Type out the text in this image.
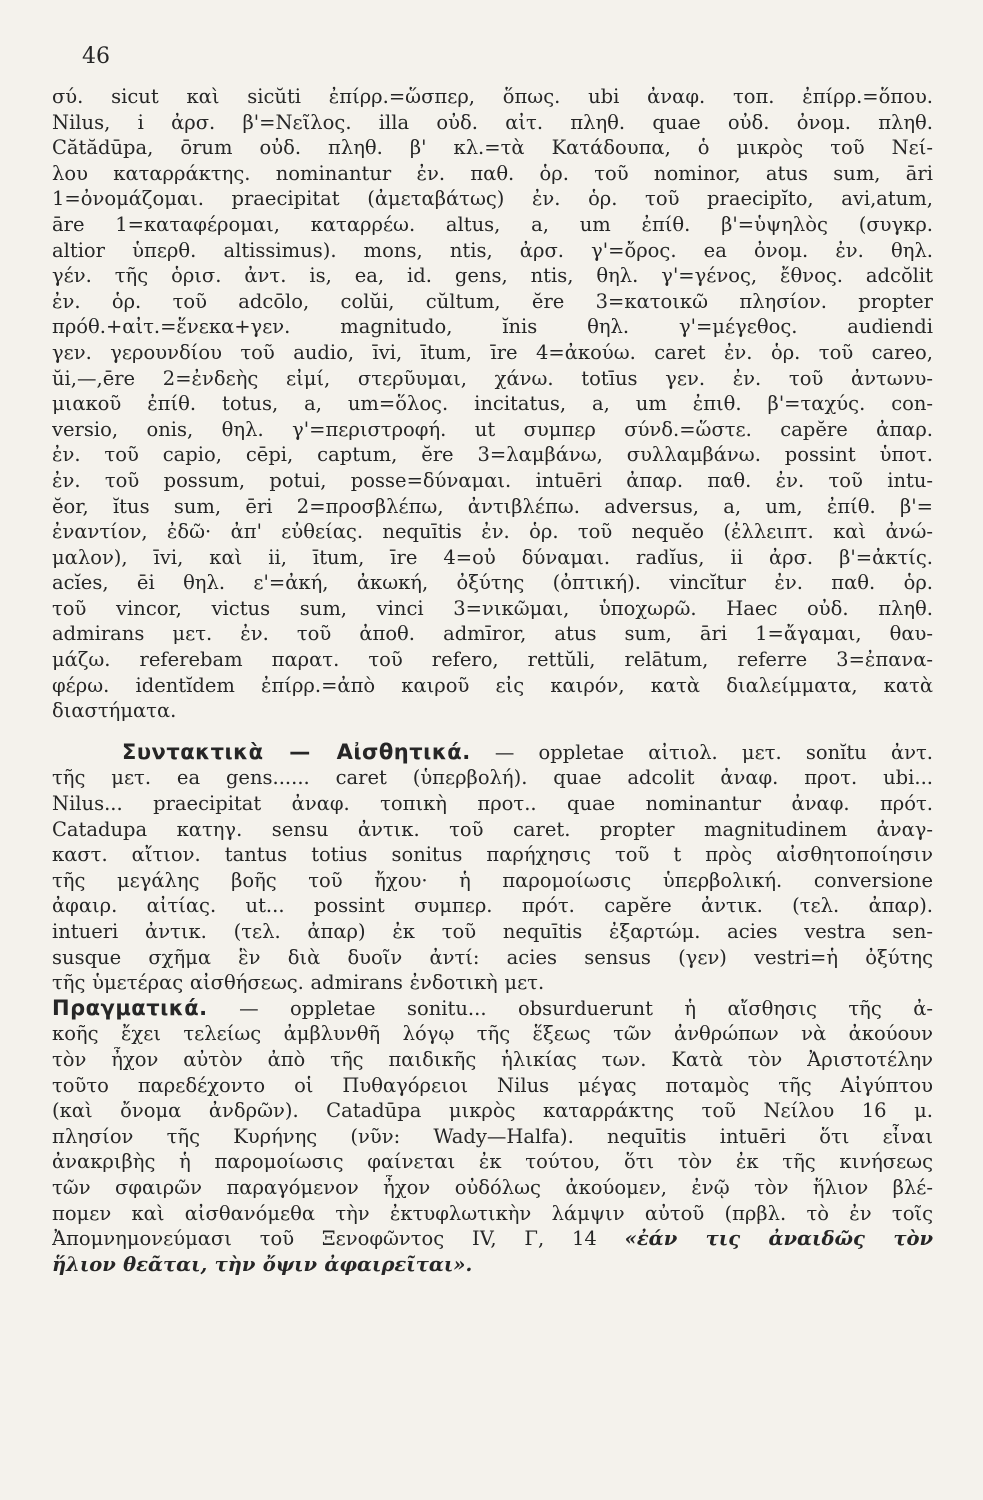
46
σύ. sicut καὶ sicŭti ἐπίρρ.=ὥσπερ, ὅπως. ubi ἀναφ. τοπ. ἐπίρρ.=ὅπου.
Nilus, i ἀρσ. β'=Νεῖλος. illa οὐδ. αἰτ. πληθ. quae οὐδ. ὀνομ. πληθ.
Cătădūpa, ōrum οὐδ. πληθ. β' κλ.=τὰ Κατάδουπα, ὁ μικρὸς τοῦ Νεί-
λου καταρράκτης. nominantur ἐν. παθ. ὁρ. τοῦ nominor, atus sum, āri
1=ὀνομάζομαι. praecipitat (ἀμεταβάτως) ἐν. ὁρ. τοῦ praecipĭto, avi,atum,
āre 1=καταφέρομαι, καταρρέω. altus, a, um ἐπίθ. β'=ὑψηλὸς (συγκρ.
altior ὑπερθ. altissimus). mons, ntis, ἀρσ. γ'=ὄρος. ea ὀνομ. ἐν. θηλ.
γέν. τῆς ὁρισ. ἀντ. is, ea, id. gens, ntis, θηλ. γ'=γένος, ἔθνος. adcŏlit
ἐν. ὁρ. τοῦ adcōlo, colŭi, cŭltum, ĕre 3=κατοικῶ πλησίον. propter
πρόθ.+αἰτ.=ἕνεκα+γεν. magnitudo, ĭnis θηλ. γ'=μέγεθος. audiendi
γεν. γερουνδίου τοῦ audio, īvi, ītum, īre 4=ἀκούω. caret ἐν. ὁρ. τοῦ careo,
ŭi,—,ēre 2=ἐνδεὴς εἰμί, στερῦυμαι, χάνω. totīus γεν. ἐν. τοῦ ἀντωνυ-
μιακοῦ ἐπίθ. totus, a, um=ὅλος. incitatus, a, um ἐπιθ. β'=ταχύς. con-
versio, onis, θηλ. γ'=περιστροφή. ut συμπερ σύνδ.=ὥστε. capĕre ἀπαρ.
ἐν. τοῦ capio, cēpi, captum, ĕre 3=λαμβάνω, συλλαμβάνω. possint ὑποτ.
ἐν. τοῦ possum, potui, posse=δύναμαι. intuēri ἀπαρ. παθ. ἐν. τοῦ intu-
ĕor, ĭtus sum, ēri 2=προσβλέπω, ἀντιβλέπω. adversus, a, um, ἐπίθ. β'=
ἐναντίον, ἐδῶ· ἀπ' εὐθείας. nequītis ἐν. ὁρ. τοῦ nequĕo (ἐλλειπτ. καὶ ἀνώ-
μαλον), īvi, καὶ ii, ītum, īre 4=οὐ δύναμαι. radĭus, ii ἀρσ. β'=ἀκτίς.
acĭes, ēi θηλ. ε'=ἀκή, ἀκωκή, ὀξύτης (ὀπτική). vincĭtur ἐν. παθ. ὁρ.
τοῦ vincor, victus sum, vinci 3=νικῶμαι, ὑποχωρῶ. Haec οὐδ. πληθ.
admirans μετ. ἐν. τοῦ ἀποθ. admīror, atus sum, āri 1=ἄγαμαι, θαυ-
μάζω. referebam παρατ. τοῦ refero, rettŭli, relātum, referre 3=ἐπανα-
φέρω. identĭdem ἐπίρρ.=ἀπὸ καιροῦ εἰς καιρόν, κατὰ διαλείμματα, κατὰ
διαστήματα.
Συντακτικὰ — Αἰσθητικά. — oppletae αἰτιολ. μετ. sonĭtu ἀντ.
τῆς μετ. ea gens...... caret (ὑπερβολή). quae adcolit ἀναφ. προτ. ubi...
Nilus... praecipitat ἀναφ. τοπικὴ προτ.. quae nominantur ἀναφ. πρότ.
Catadupa κατηγ. sensu ἀντικ. τοῦ caret. propter magnitudinem ἀναγ-
καστ. αἴτιον. tantus totius sonitus παρήχησις τοῦ t πρὸς αἰσθητοποίησιν
τῆς μεγάλης βοῆς τοῦ ἤχου· ἡ παρομοίωσις ὑπερβολική. conversione
ἀφαιρ. αἰτίας. ut... possint συμπερ. πρότ. capĕre ἀντικ. (τελ. ἀπαρ).
intueri ἀντικ. (τελ. ἀπαρ) ἐκ τοῦ nequītis ἐξαρτώμ. acies vestra sen-
susque σχῆμα ἓν διὰ δυοῖν ἀντί: acies sensus (γεν) vestri=ἡ ὀξύτης
τῆς ὑμετέρας αἰσθήσεως. admirans ἐνδοτικὴ μετ.
Πραγματικά. — oppletae sonitu... obsurduerunt ἡ αἴσθησις τῆς ἀ-
κοῆς ἔχει τελείως ἀμβλυνθῆ λόγῳ τῆς ἕξεως τῶν ἀνθρώπων νὰ ἀκούουν
τὸν ἦχον αὐτὸν ἀπὸ τῆς παιδικῆς ἡλικίας των. Κατὰ τὸν Ἀριστοτέλην
τοῦτο παρεδέχοντο οἱ Πυθαγόρειοι Nilus μέγας ποταμὸς τῆς Αἰγύπτου
(καὶ ὄνομα ἀνδρῶν). Catadūpa μικρὸς καταρράκτης τοῦ Νείλου 16 μ.
πλησίον τῆς Κυρήνης (νῦν: Wady—Halfa). nequītis intuēri ὅτι εἶναι
ἀνακριβὴς ἡ παρομοίωσις φαίνεται ἐκ τούτου, ὅτι τὸν ἐκ τῆς κινήσεως
τῶν σφαιρῶν παραγόμενον ἦχον οὐδόλως ἀκούομεν, ἐνῷ τὸν ἥλιον βλέ-
πομεν καὶ αἰσθανόμεθα τὴν ἐκτυφλωτικὴν λάμψιν αὐτοῦ (πρβλ. τὸ ἐν τοῖς
Ἀπομνημονεύμασι τοῦ Ξενοφῶντος IV, Γ, 14 «ἐάν τις ἀναιδῶς τὸν
ἥλιον θεᾶται, τὴν ὄψιν ἀφαιρεῖται».
